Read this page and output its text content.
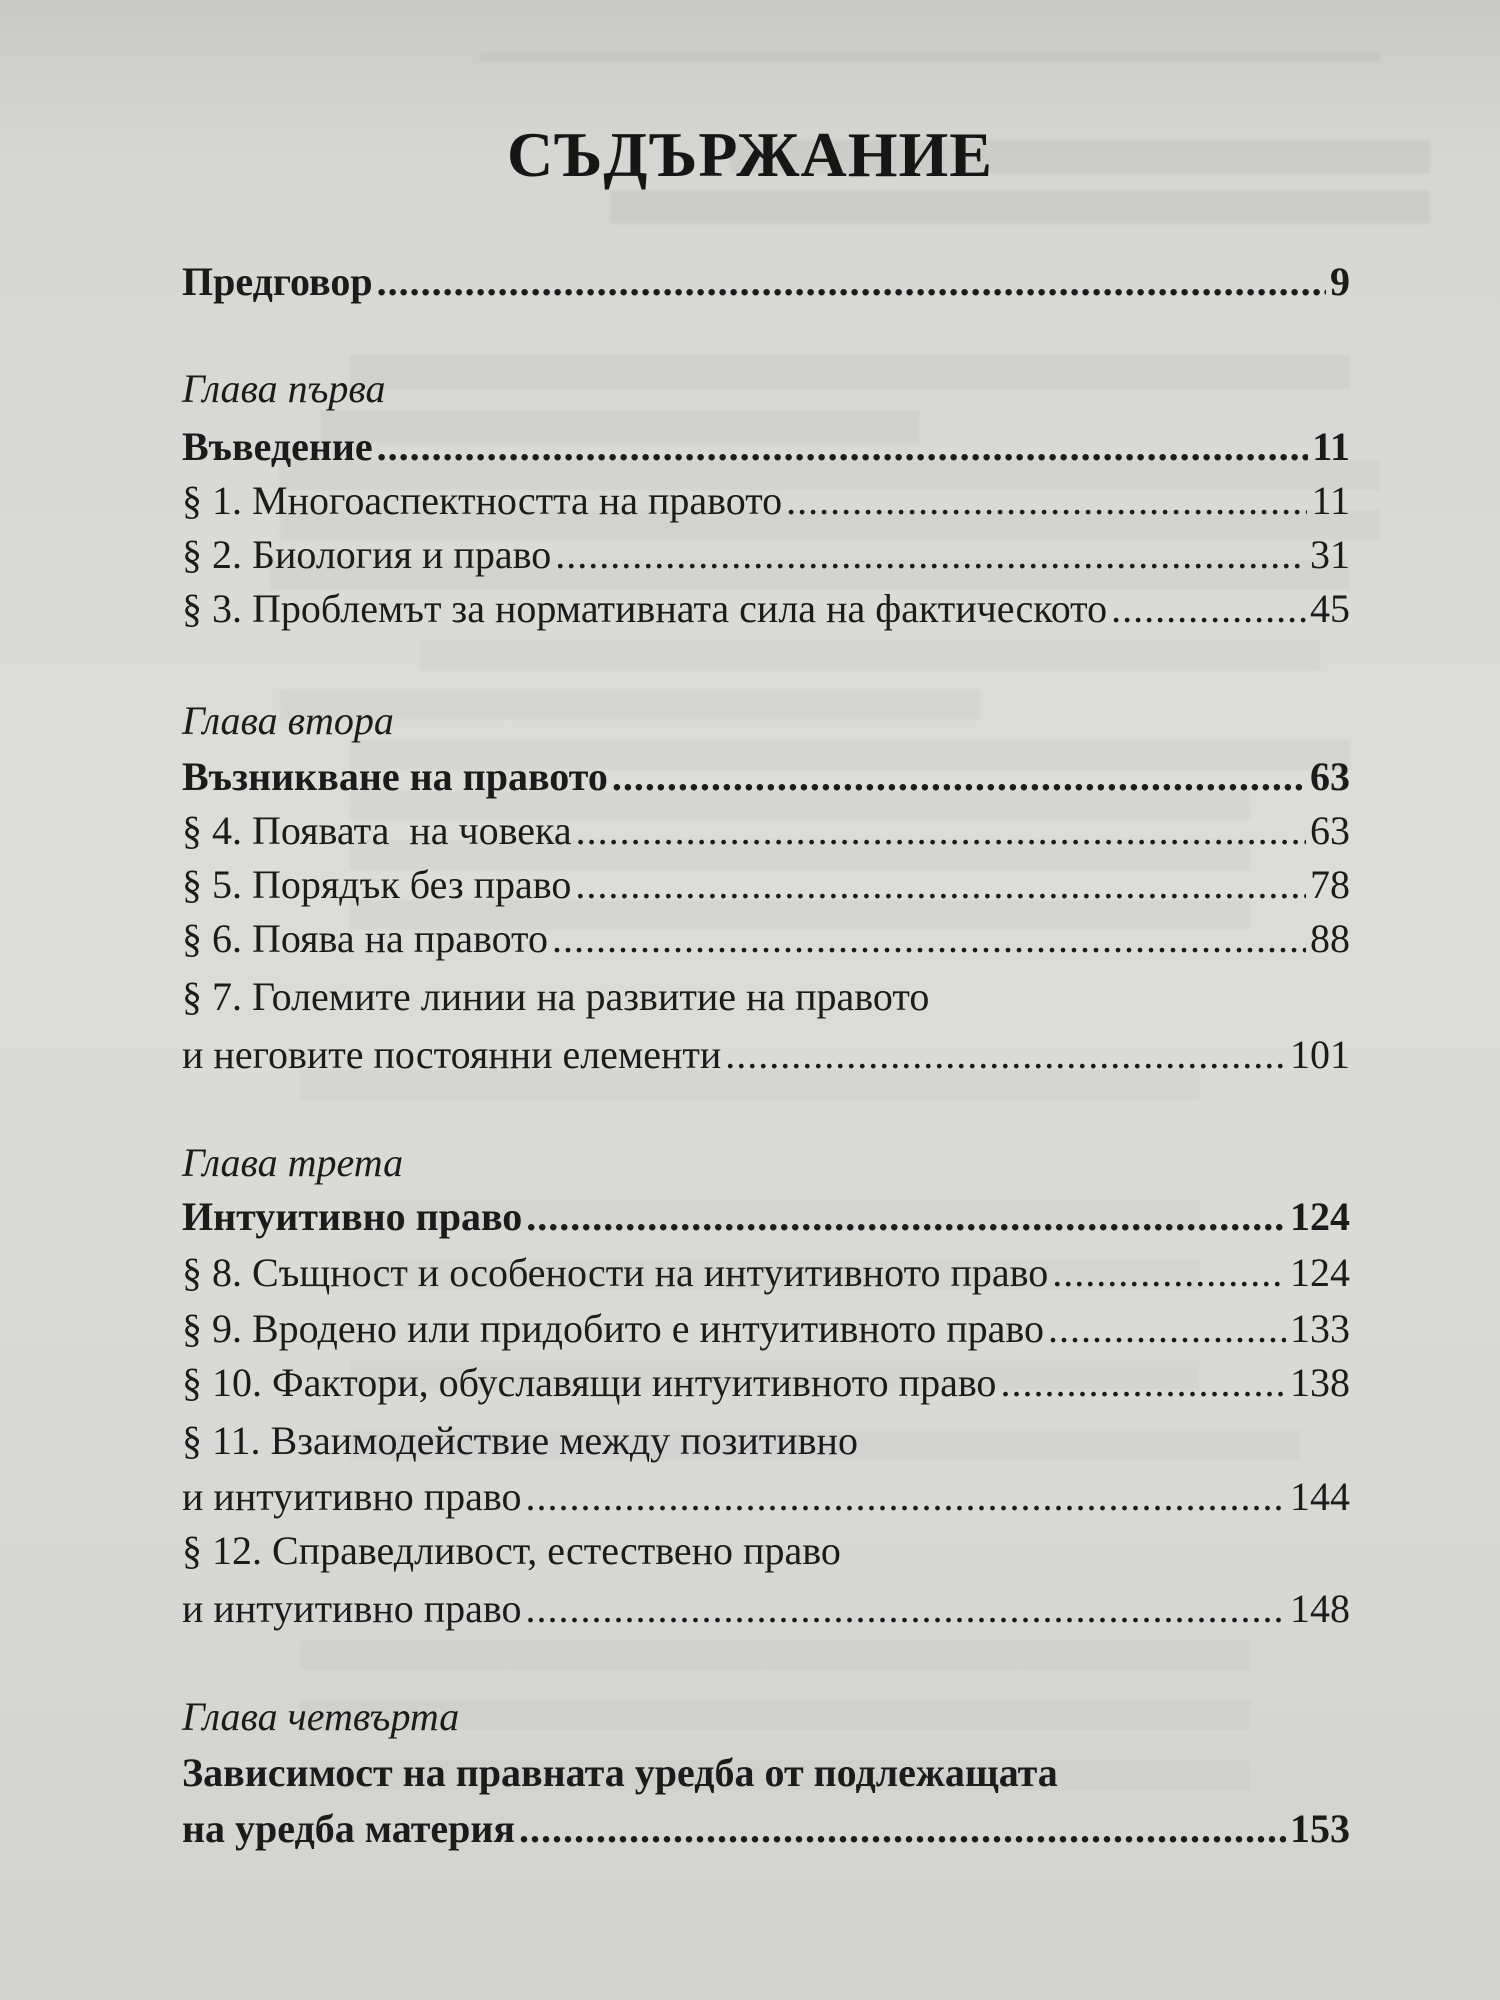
СЪДЪРЖАНИЕ
Предговор .....	9
Глава първа
Въведение .....	11
§ 1. Многоаспектността на правото .....	11
§ 2. Биология и право .....	31
§ 3. Проблемът за нормативната сила на фактическото .....	45
Глава втора
Възникване на правото .....	63
§ 4. Появата  на човека .....	63
§ 5. Порядък без право .....	78
§ 6. Поява на правото .....	88
§ 7. Големите линии на развитие на правото
и неговите постоянни елементи .....	101
Глава трета
Интуитивно право .....	124
§ 8. Същност и особености на интуитивното право .....	124
§ 9. Вродено или придобито е интуитивното право .....	133
§ 10. Фактори, обуславящи интуитивното право .....	138
§ 11. Взаимодействие между позитивно
и интуитивно право .....	144
§ 12. Справедливост, естествено право
и интуитивно право .....	148
Глава четвърта
Зависимост на правната уредба от подлежащата
на уредба материя .....	153
